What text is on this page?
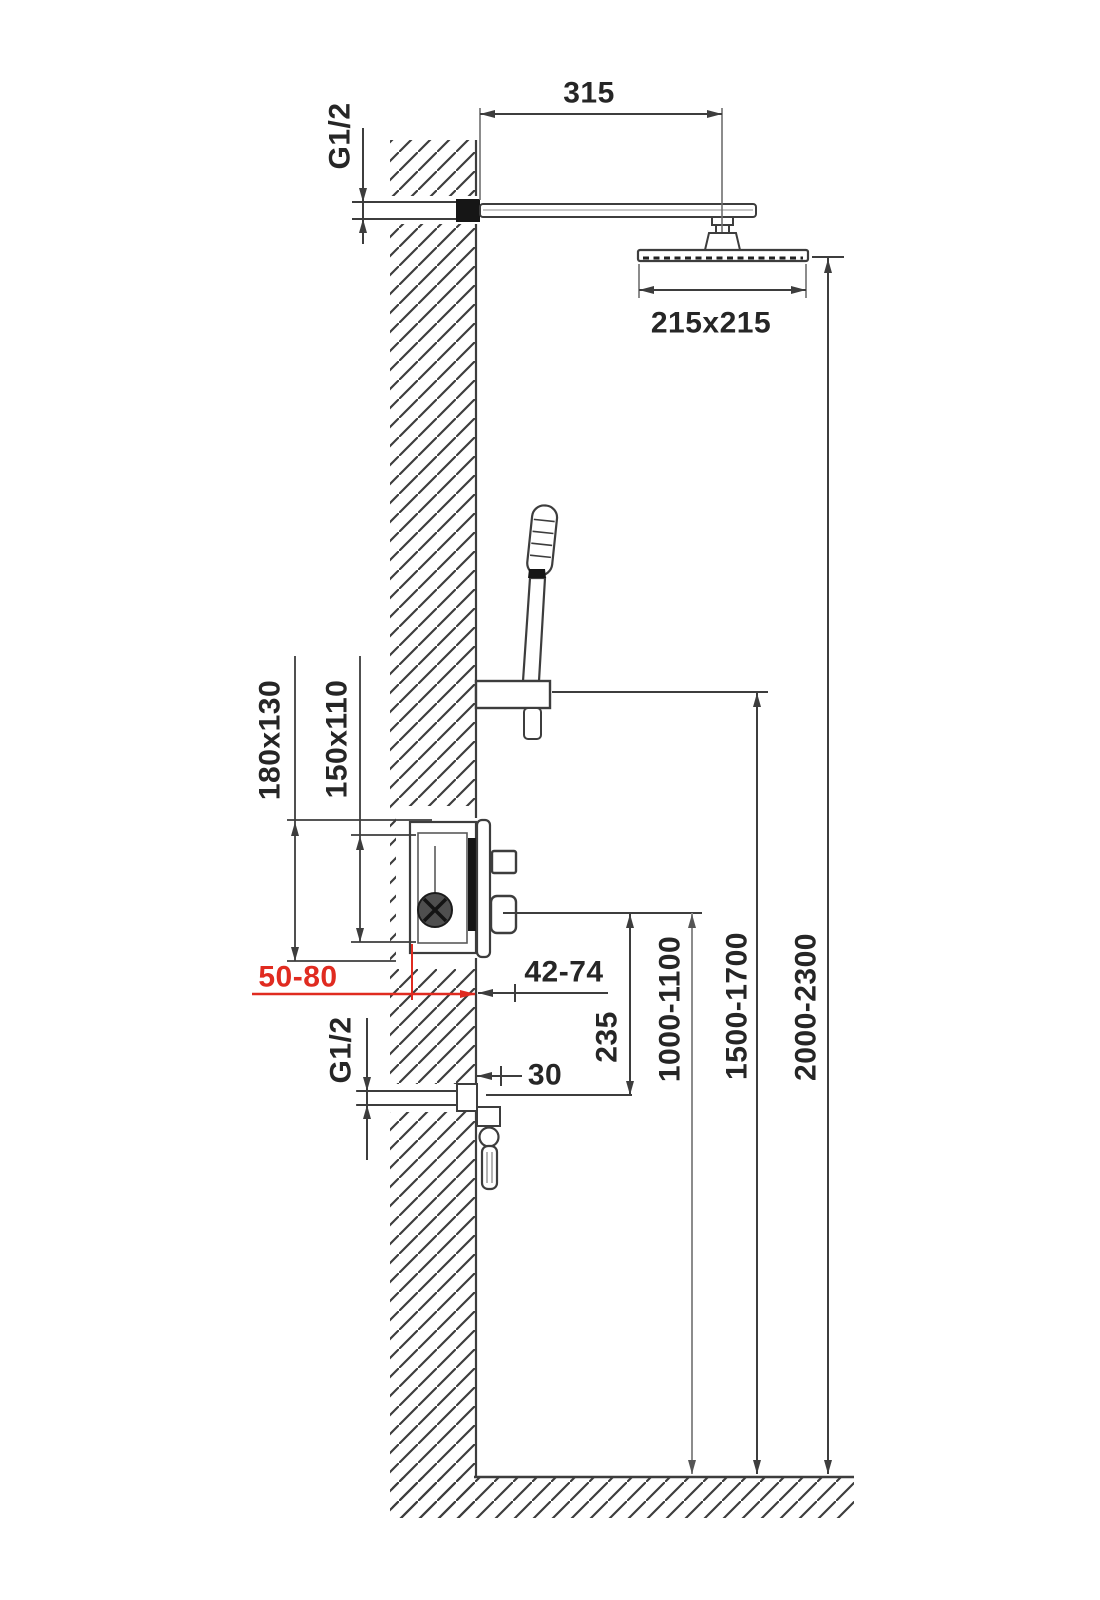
315
G1/2
215x215
2000-2300
1500-1700
1000-1100
235
42-74
180x130 150x110
50-80
30
G1/2
